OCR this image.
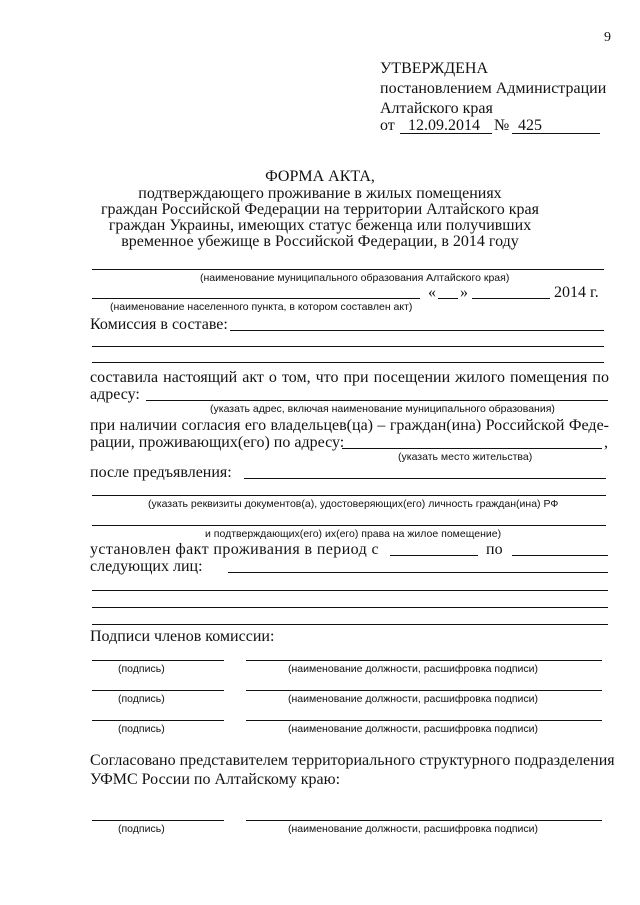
9
УТВЕРЖДЕНА
постановлением Администрации
Алтайского края
от 12.09.2014 № 425
ФОРМА АКТА,
подтверждающего проживание в жилых помещениях
граждан Российской Федерации на территории Алтайского края
граждан Украины, имеющих статус беженца или получивших
временное убежище в Российской Федерации, в 2014 году
(наименование муниципального образования Алтайского края)
« »	2014 г.
(наименование населенного пункта, в котором составлен акт)
Комиссия в составе:
составила настоящий акт о том, что при посещении жилого помещения по
адресу:
(указать адрес, включая наименование муниципального образования)
при наличии согласия его владельцев(ца) – граждан(ина) Российской Феде-
рации, проживающих(его) по адресу:	,
(указать место жительства)
после предъявления:
(указать реквизиты документов(а), удостоверяющих(его) личность граждан(ина) РФ
и подтверждающих(его) их(его) права на жилое помещение)
установлен факт проживания в период с	по
следующих лиц:
Подписи членов комиссии:
(подпись)	(наименование должности, расшифровка подписи)
(подпись)	(наименование должности, расшифровка подписи)
(подпись)	(наименование должности, расшифровка подписи)
Согласовано представителем территориального структурного подразделения
УФМС России по Алтайскому краю:
(подпись)	(наименование должности, расшифровка подписи)
